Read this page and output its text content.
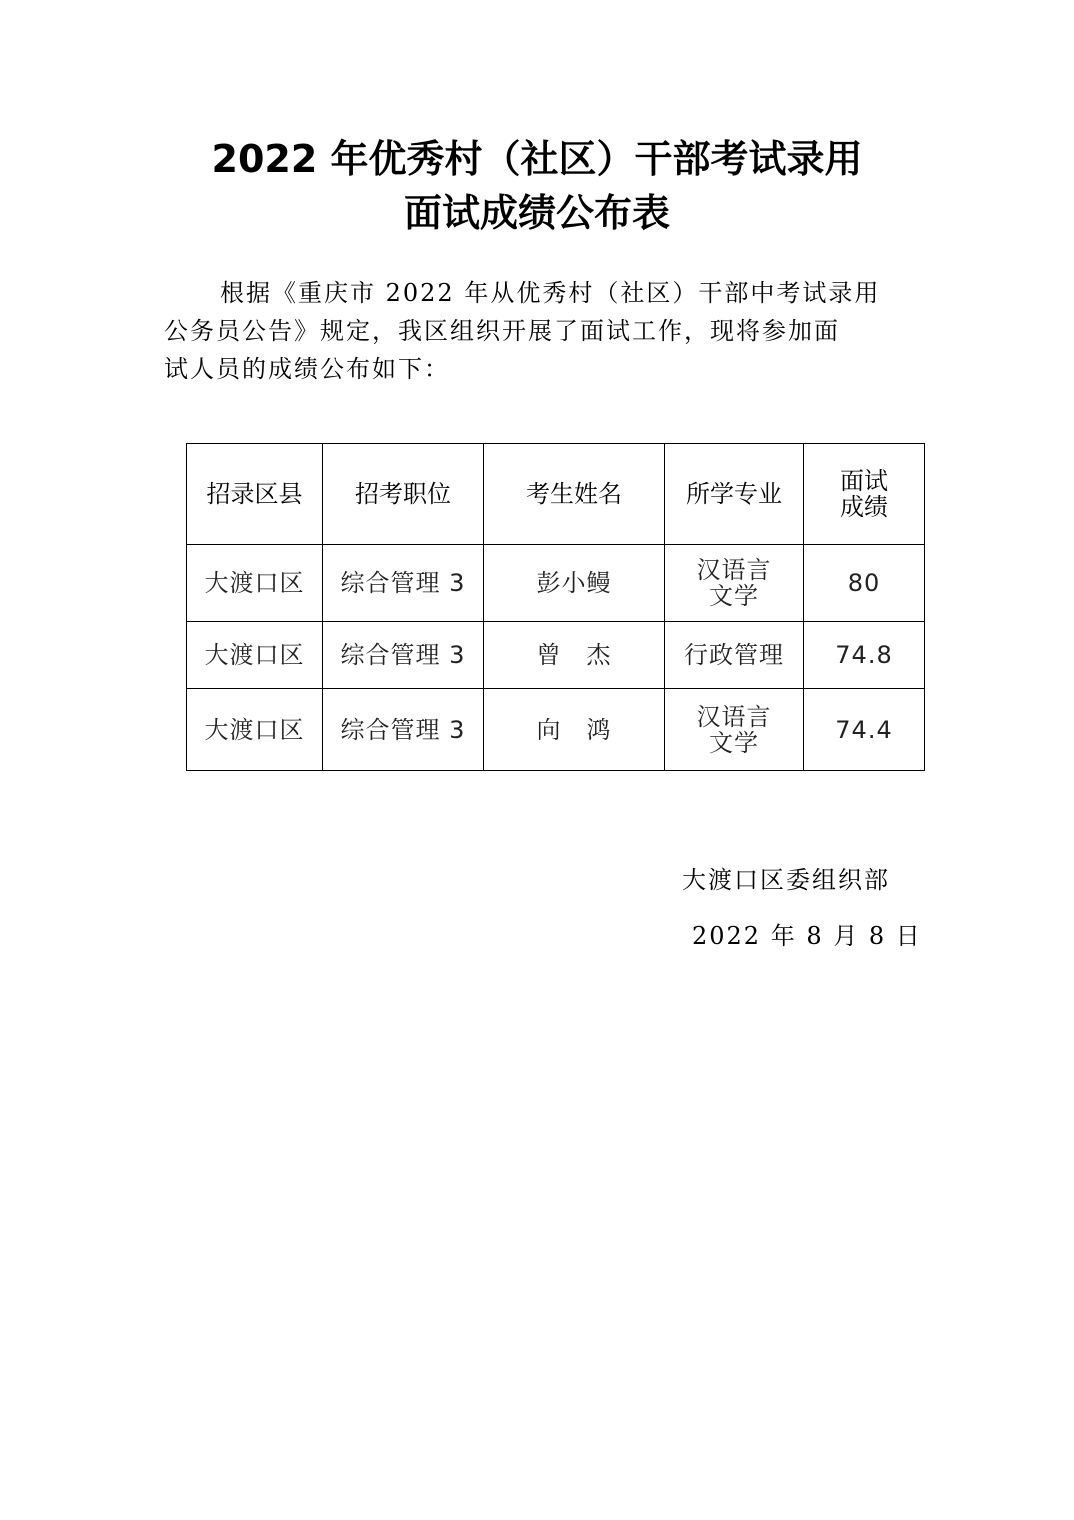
2022 年优秀村（社区）干部考试录用
面试成绩公布表
根据《重庆市 2022 年从优秀村（社区）干部中考试录用
公务员公告》规定，我区组织开展了面试工作，现将参加面
试人员的成绩公布如下：
招录区县	招考职位	考生姓名	所学专业	面试成绩
大渡口区	综合管理 3	彭小鳗	汉语言文学	80
大渡口区	综合管理 3	曾　杰	行政管理	74.8
大渡口区	综合管理 3	向　鸿	汉语言文学	74.4
大渡口区委组织部
2022 年 8 月 8 日
